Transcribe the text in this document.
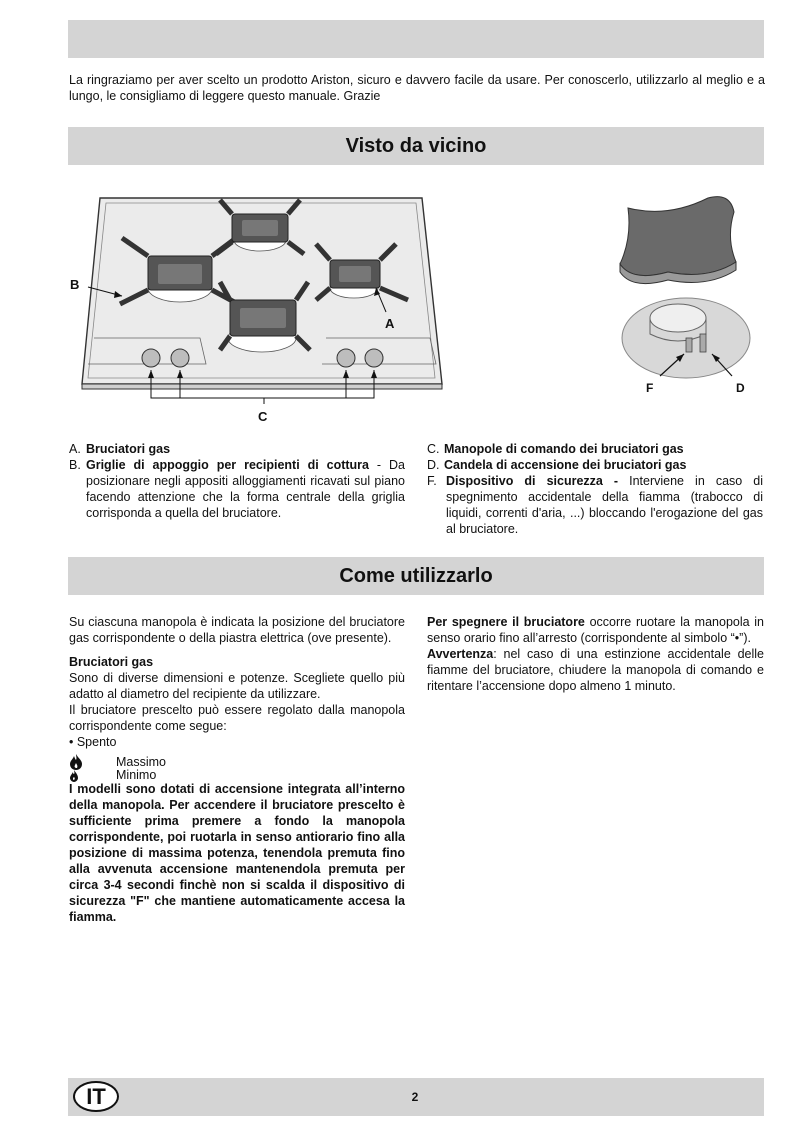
La ringraziamo per aver scelto un prodotto Ariston, sicuro e davvero facile da usare. Per conoscerlo, utilizzarlo al meglio e a lungo, le consigliamo di leggere questo manuale. Grazie

Visto da vicino
B
A
C
F	D

A. Bruciatori gas

B. Griglie di appoggio per recipienti di cottura - Da posizionare negli appositi alloggiamenti ricavati sul piano facendo attenzione che la forma centrale della griglia corrisponda a quella del bruciatore.

C. Manopole di comando dei bruciatori gas

D. Candela di accensione dei bruciatori gas

F. Dispositivo di sicurezza - Interviene in caso di spegnimento accidentale della fiamma (trabocco di liquidi, correnti d'aria, ...) bloccando l'erogazione del gas al bruciatore.

Come utilizzarlo

Su ciascuna manopola è indicata la posizione del bruciatore gas corrispondente o della piastra elettrica (ove presente).

Bruciatori gas

Sono di diverse dimensioni e potenze. Scegliete quello più adatto al diametro del recipiente da utilizzare.

Il bruciatore prescelto può essere regolato dalla manopola corrispondente come segue:

• Spento

Massimo
Minimo

I modelli sono dotati di accensione integrata all’interno della manopola. Per accendere il bruciatore prescelto è sufficiente prima premere a fondo la manopola corrispondente, poi ruotarla in senso antiorario fino alla posizione di massima potenza, tenendola premuta fino alla avvenuta accensione mantenendola premuta per circa 3-4 secondi finchè non si scalda il dispositivo di sicurezza "F" che mantiene automaticamente accesa la fiamma.

Per spegnere il bruciatore occorre ruotare la manopola in senso orario fino all’arresto (corrispondente al simbolo “•”).

Avvertenza: nel caso di una estinzione accidentale delle fiamme del bruciatore, chiudere la manopola di comando e ritentare l’accensione dopo almeno 1 minuto.

IT	2
